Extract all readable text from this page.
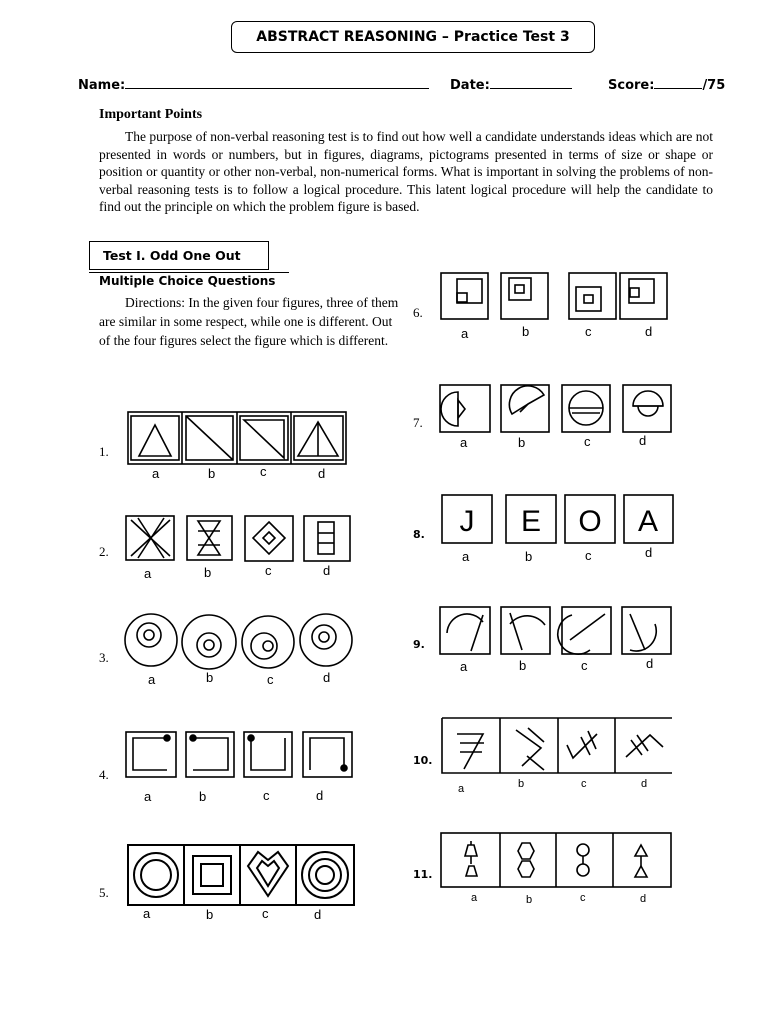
ABSTRACT REASONING – Practice Test 3
Name:	Date:	Score:	/75
Important Points
The purpose of non-verbal reasoning test is to find out how well a candidate understands ideas which are not presented in words or numbers, but in figures, diagrams, pictograms presented in terms of size or shape or position or quantity or other non-verbal, non-numerical forms. What is important in solving the problems of non-verbal reasoning tests is to follow a logical procedure. This latent logical procedure will help the candidate to find out the principle on which the problem figure is based.
Test I. Odd One Out
Multiple Choice Questions
Directions: In the given four figures, three of them are similar in some respect, while one is different. Out of the four figures select the figure which is different.
1.
2.
3.
4.
5.
6.
7.
8.
9.
10.
11.
a	b	c	d
a	b	c	d
a	b	c	d
a	b	c	d
a	b	c	d
a	b	c	d
a	b	c	d
J E O A
a	b	c	d
a	b	c	d
a	b	c	d
a	b	c	d
